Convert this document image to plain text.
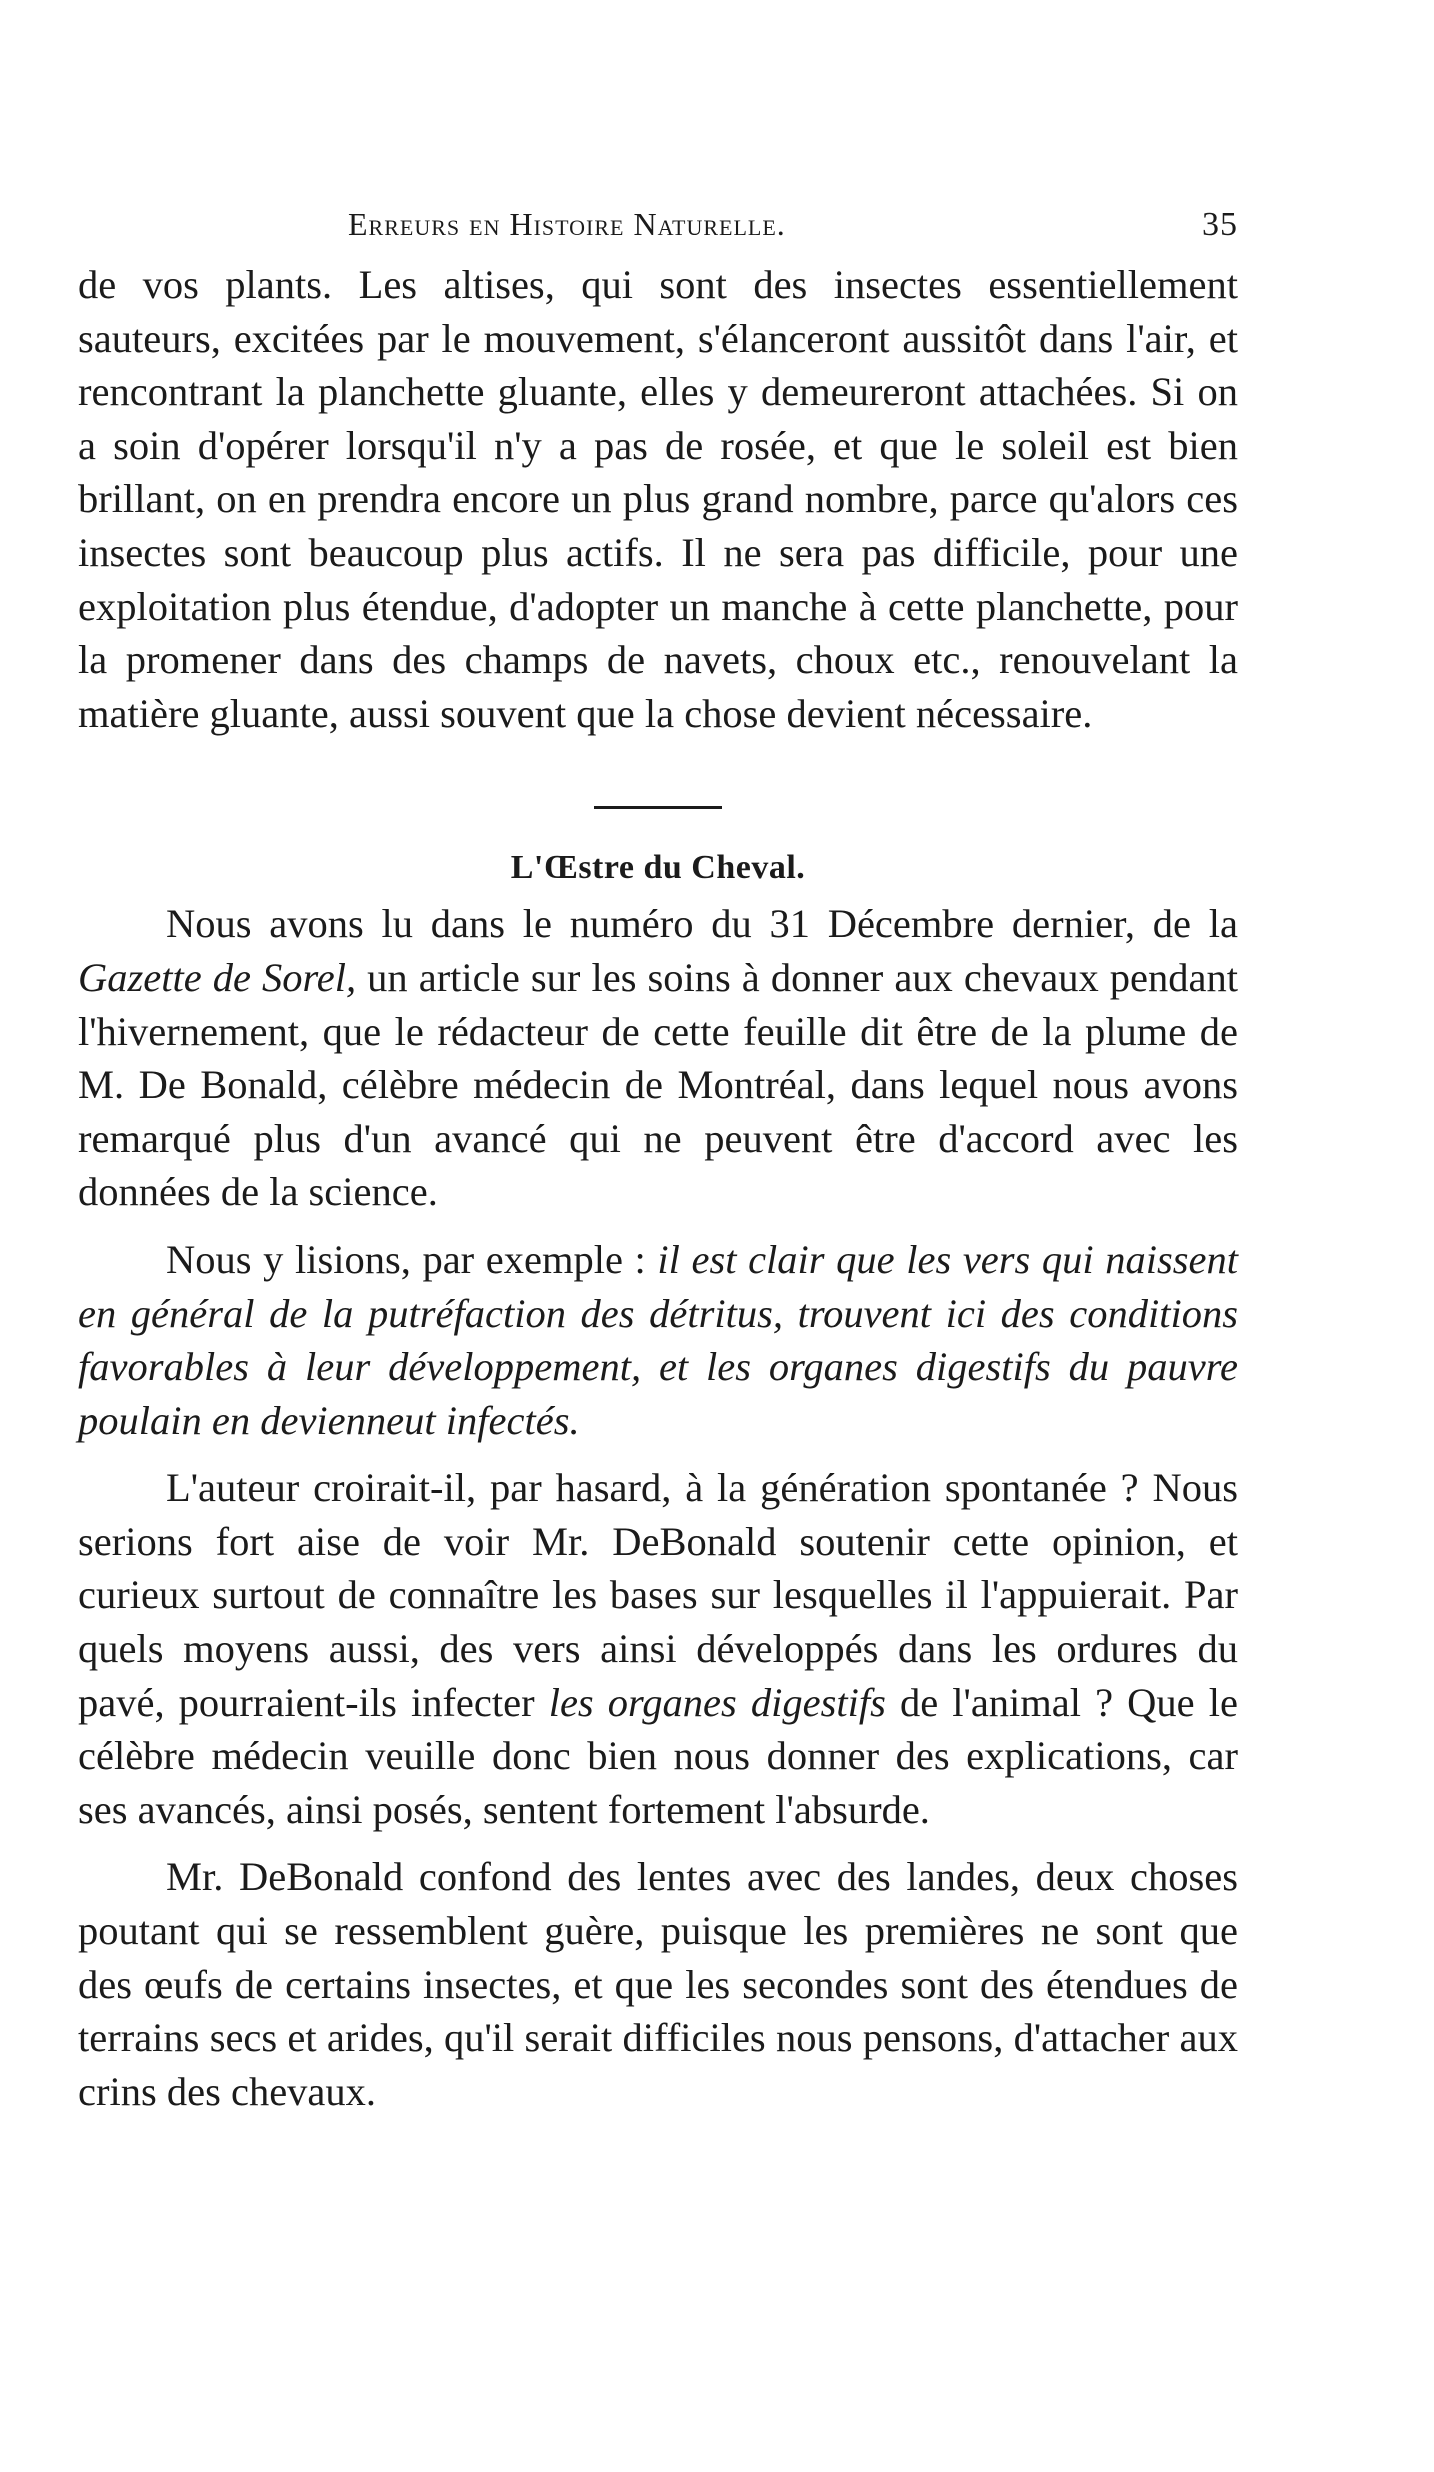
Erreurs en Histoire Naturelle.	35

de vos plants. Les altises, qui sont des insectes essentiellement sauteurs, excitées par le mouvement, s'élanceront aussitôt dans l'air, et rencontrant la planchette gluante, elles y demeureront attachées. Si on a soin d'opérer lorsqu'il n'y a pas de rosée, et que le soleil est bien brillant, on en prendra encore un plus grand nombre, parce qu'alors ces insectes sont beaucoup plus actifs. Il ne sera pas difficile, pour une exploitation plus étendue, d'adopter un manche à cette planchette, pour la promener dans des champs de navets, choux etc., renouvelant la matière gluante, aussi souvent que la chose devient nécessaire.

L'Œstre du Cheval.

Nous avons lu dans le numéro du 31 Décembre dernier, de la Gazette de Sorel, un article sur les soins à donner aux chevaux pendant l'hivernement, que le rédacteur de cette feuille dit être de la plume de M. De Bonald, célèbre médecin de Montréal, dans lequel nous avons remarqué plus d'un avancé qui ne peuvent être d'accord avec les données de la science.

Nous y lisions, par exemple : il est clair que les vers qui naissent en général de la putréfaction des détritus, trouvent ici des conditions favorables à leur développement, et les organes digestifs du pauvre poulain en devienneut infectés.

L'auteur croirait-il, par hasard, à la génération spontanée ? Nous serions fort aise de voir Mr. DeBonald soutenir cette opinion, et curieux surtout de connaître les bases sur lesquelles il l'appuierait. Par quels moyens aussi, des vers ainsi développés dans les ordures du pavé, pourraient-ils infecter les organes digestifs de l'animal ? Que le célèbre médecin veuille donc bien nous donner des explications, car ses avancés, ainsi posés, sentent fortement l'absurde.

Mr. DeBonald confond des lentes avec des landes, deux choses poutant qui se ressemblent guère, puisque les premières ne sont que des œufs de certains insectes, et que les secondes sont des étendues de terrains secs et arides, qu'il serait difficiles nous pensons, d'attacher aux crins des chevaux.
